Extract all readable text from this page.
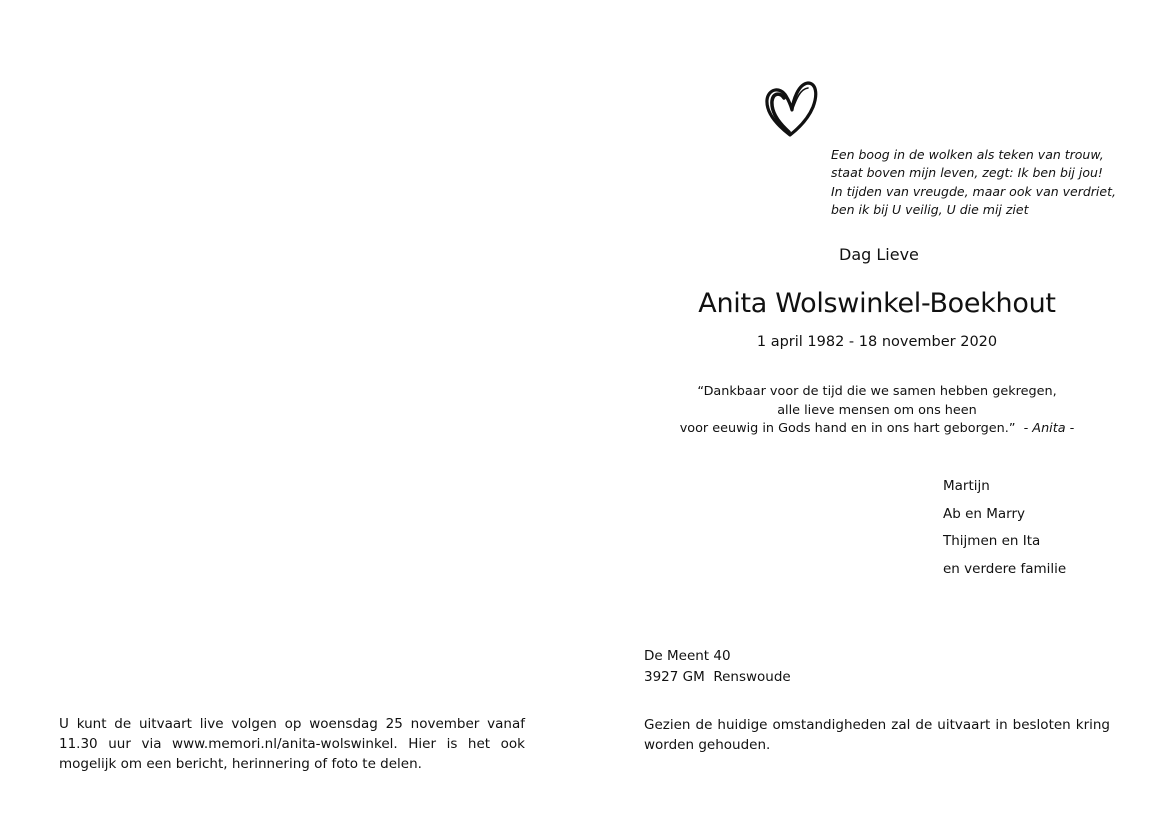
Een boog in de wolken als teken van trouw,
staat boven mijn leven, zegt: Ik ben bij jou!
In tijden van vreugde, maar ook van verdriet,
ben ik bij U veilig, U die mij ziet
Dag Lieve
Anita Wolswinkel-Boekhout
1 april 1982 - 18 november 2020
“Dankbaar voor de tijd die we samen hebben gekregen,
alle lieve mensen om ons heen
voor eeuwig in Gods hand en in ons hart geborgen.” - Anita -
Martijn
Ab en Marry
Thijmen en Ita
en verdere familie
De Meent 40
3927 GM  Renswoude
Gezien de huidige omstandigheden zal de uitvaart in besloten kring worden gehouden.
U kunt de uitvaart live volgen op woensdag 25 november vanaf 11.30 uur via www.memori.nl/anita-wolswinkel. Hier is het ook mogelijk om een bericht, herinnering of foto te delen.
